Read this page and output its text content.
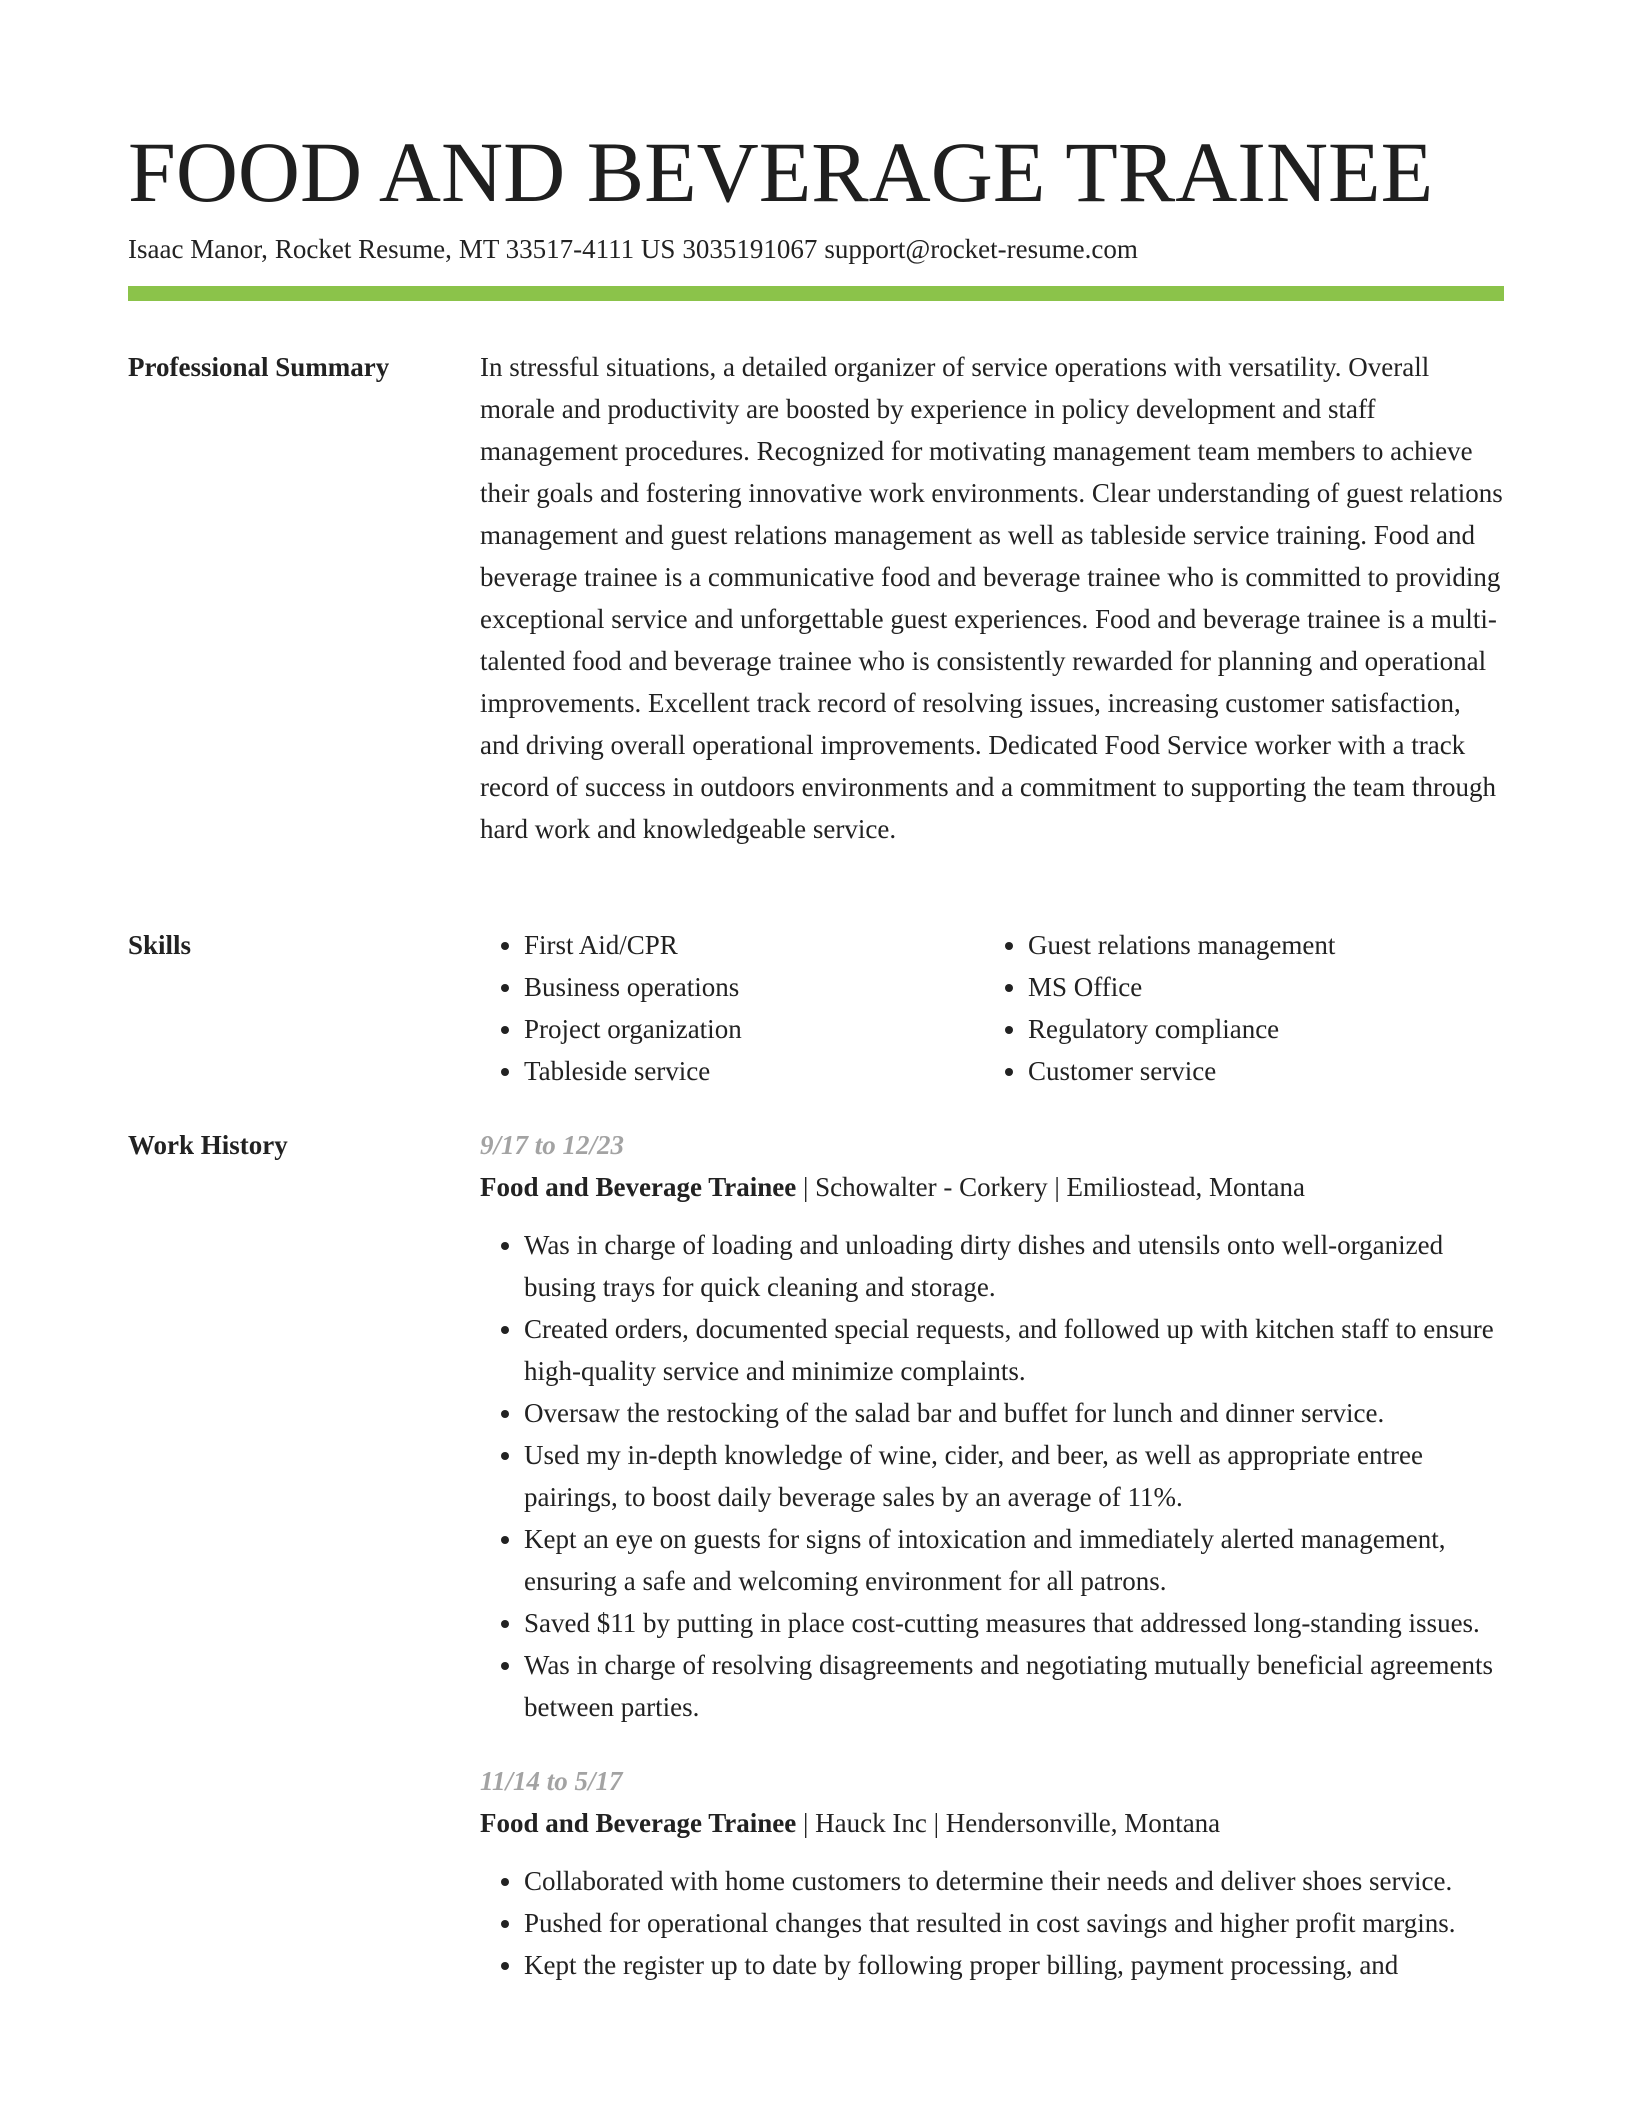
FOOD AND BEVERAGE TRAINEE
Isaac Manor, Rocket Resume, MT 33517-4111 US 3035191067 support@rocket-resume.com
Professional Summary	In stressful situations, a detailed organizer of service operations with versatility. Overall morale and productivity are boosted by experience in policy development and staff management procedures. Recognized for motivating management team members to achieve their goals and fostering innovative work environments. Clear understanding of guest relations management and guest relations management as well as tableside service training. Food and beverage trainee is a communicative food and beverage trainee who is committed to providing exceptional service and unforgettable guest experiences. Food and beverage trainee is a multi-talented food and beverage trainee who is consistently rewarded for planning and operational improvements. Excellent track record of resolving issues, increasing customer satisfaction, and driving overall operational improvements. Dedicated Food Service worker with a track record of success in outdoors environments and a commitment to supporting the team through hard work and knowledgeable service.

Skills
•	First Aid/CPR
• Business operations
• Project organization
• Tableside service
• Guest relations management
• MS Office
• Regulatory compliance
• Customer service
Work History	9/17 to 12/23
Food and Beverage Trainee | Schowalter - Corkery | Emiliostead, Montana
• Was in charge of loading and unloading dirty dishes and utensils onto well-organized busing trays for quick cleaning and storage.
• Created orders, documented special requests, and followed up with kitchen staff to ensure high-quality service and minimize complaints.
• Oversaw the restocking of the salad bar and buffet for lunch and dinner service.
• Used my in-depth knowledge of wine, cider, and beer, as well as appropriate entree pairings, to boost daily beverage sales by an average of 11%.
• Kept an eye on guests for signs of intoxication and immediately alerted management, ensuring a safe and welcoming environment for all patrons.
• Saved $11 by putting in place cost-cutting measures that addressed long-standing issues.
• Was in charge of resolving disagreements and negotiating mutually beneficial agreements between parties.
11/14 to 5/17
Food and Beverage Trainee | Hauck Inc | Hendersonville, Montana
• Collaborated with home customers to determine their needs and deliver shoes service.
• Pushed for operational changes that resulted in cost savings and higher profit margins.
• Kept the register up to date by following proper billing, payment processing, and
